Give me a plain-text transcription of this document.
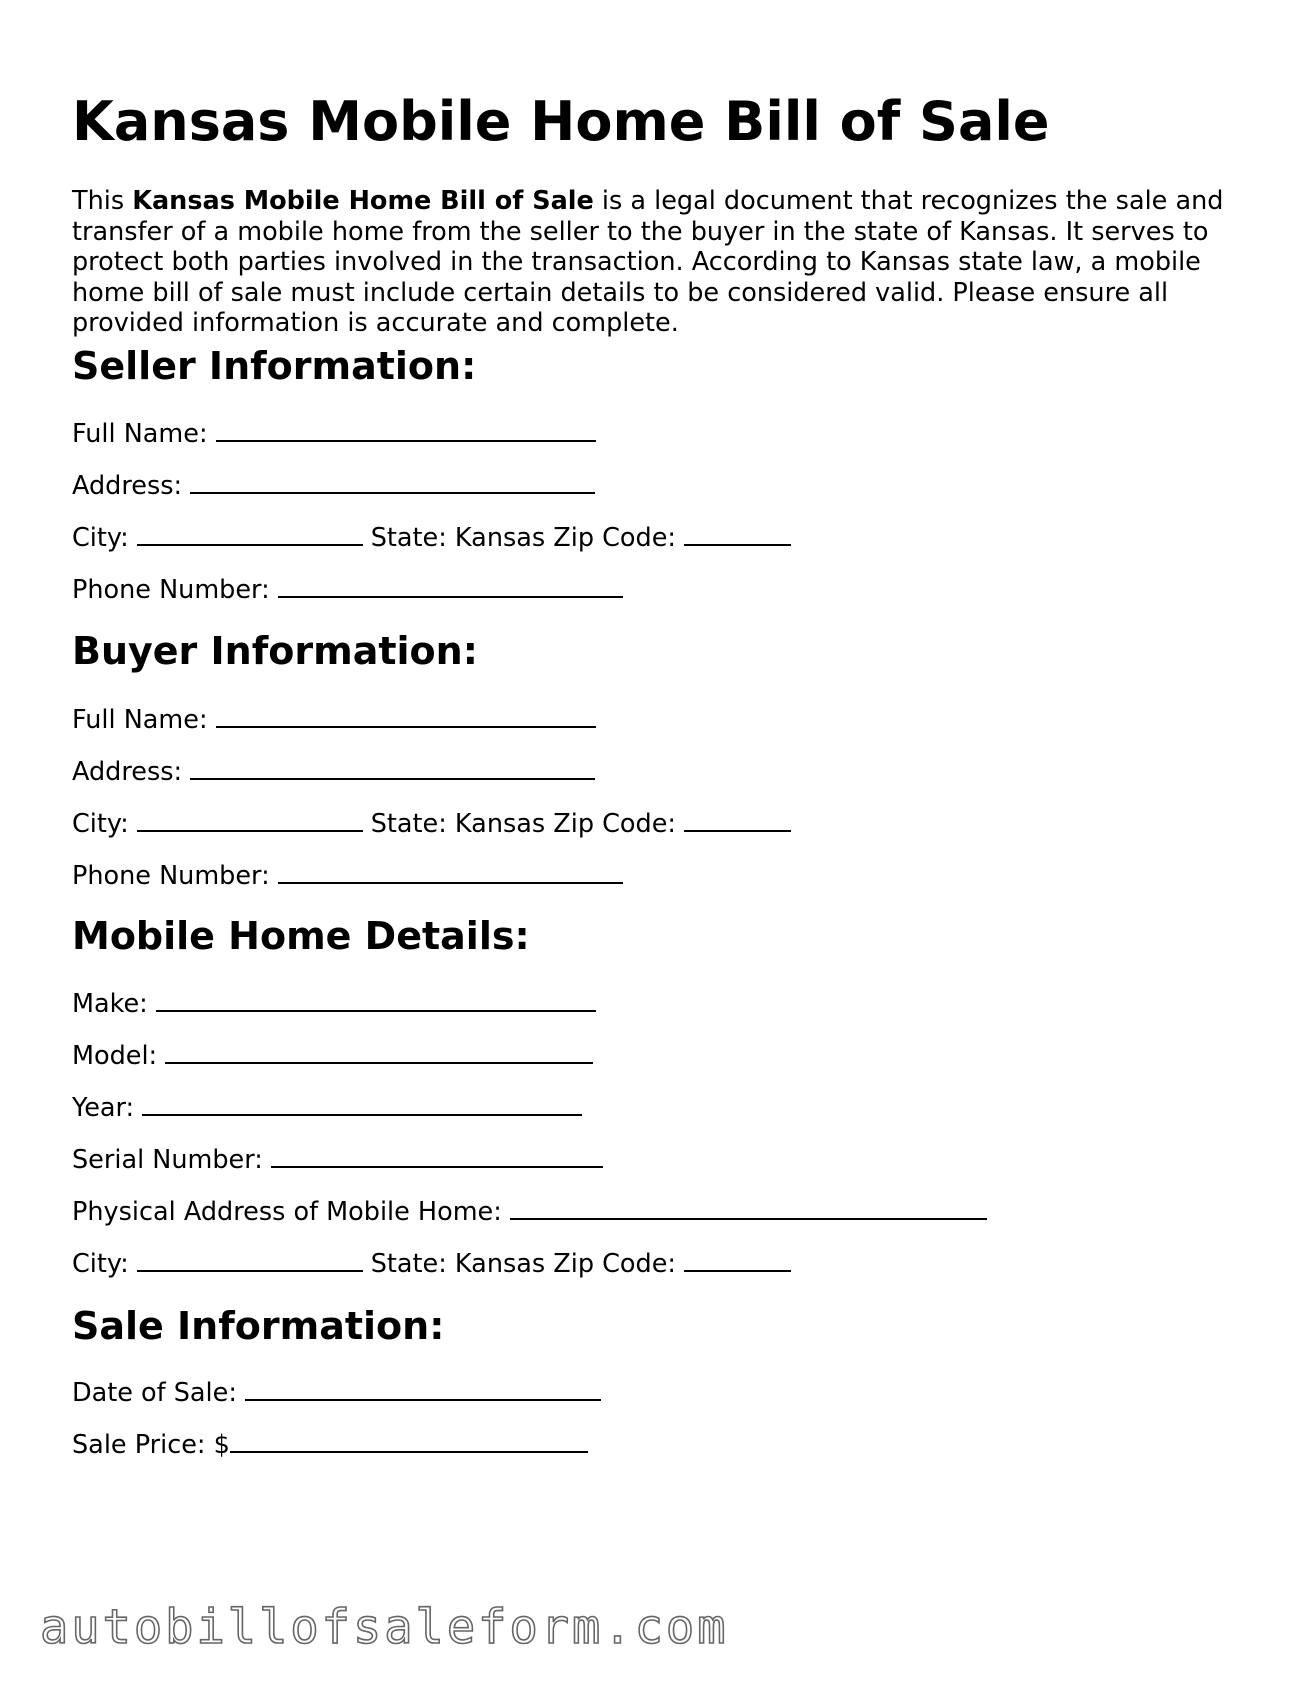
Kansas Mobile Home Bill of Sale

This Kansas Mobile Home Bill of Sale is a legal document that recognizes the sale and transfer of a mobile home from the seller to the buyer in the state of Kansas. It serves to protect both parties involved in the transaction. According to Kansas state law, a mobile home bill of sale must include certain details to be considered valid. Please ensure all provided information is accurate and complete.

Seller Information:
Full Name:
Address:
City:	State: Kansas Zip Code:
Phone Number:
Buyer Information:
Full Name:
Address:
City:	State: Kansas Zip Code:
Phone Number:
Mobile Home Details:
Make:
Model:
Year:
Serial Number:
Physical Address of Mobile Home:
City:	State: Kansas Zip Code:
Sale Information:
Date of Sale:
Sale Price: $
autobillofsaleform.com
